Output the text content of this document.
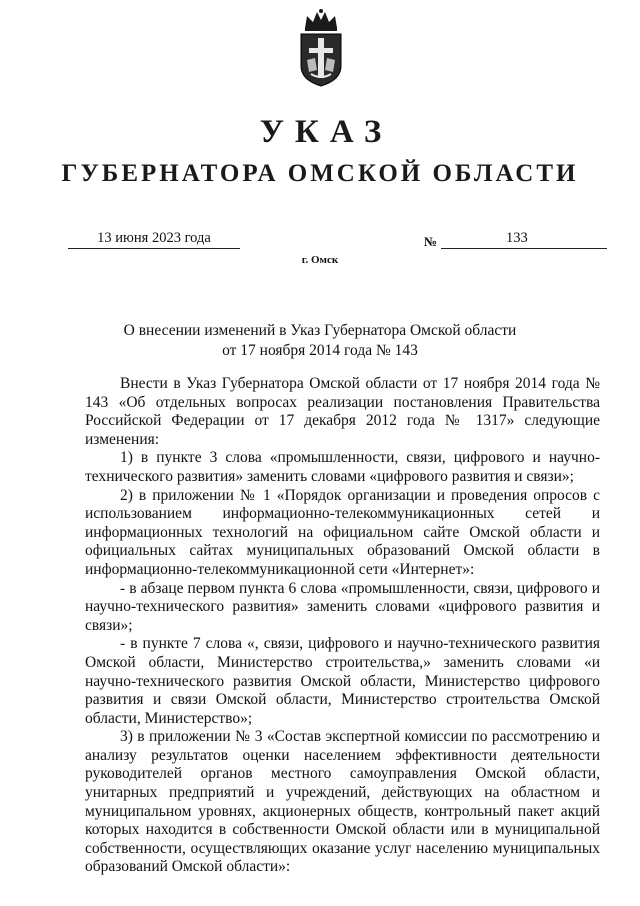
УКАЗ
ГУБЕРНАТОРА ОМСКОЙ ОБЛАСТИ
13 июня 2023 года	№	133
г. Омск
О внесении изменений в Указ Губернатора Омской области
от 17 ноября 2014 года № 143

Внести в Указ Губернатора Омской области от 17 ноября 2014 года № 143 «Об отдельных вопросах реализации постановления Правительства Российской Федерации от 17 декабря 2012 года № 1317» следующие изменения:

1) в пункте 3 слова «промышленности, связи, цифрового и научно-технического развития» заменить словами «цифрового развития и связи»;

2) в приложении № 1 «Порядок организации и проведения опросов с использованием информационно-телекоммуникационных сетей и информационных технологий на официальном сайте Омской области и официальных сайтах муниципальных образований Омской области в информационно-телекоммуникационной сети «Интернет»:

- в абзаце первом пункта 6 слова «промышленности, связи, цифрового и научно-технического развития» заменить словами «цифрового развития и связи»;

- в пункте 7 слова «, связи, цифрового и научно-технического развития Омской области, Министерство строительства,» заменить словами «и научно-технического развития Омской области, Министерство цифрового развития и связи Омской области, Министерство строительства Омской области, Министерство»;

3) в приложении № 3 «Состав экспертной комиссии по рассмотрению и анализу результатов оценки населением эффективности деятельности руководителей органов местного самоуправления Омской области, унитарных предприятий и учреждений, действующих на областном и муниципальном уровнях, акционерных обществ, контрольный пакет акций которых находится в собственности Омской области или в муниципальной собственности, осуществляющих оказание услуг населению муниципальных образований Омской области»:
